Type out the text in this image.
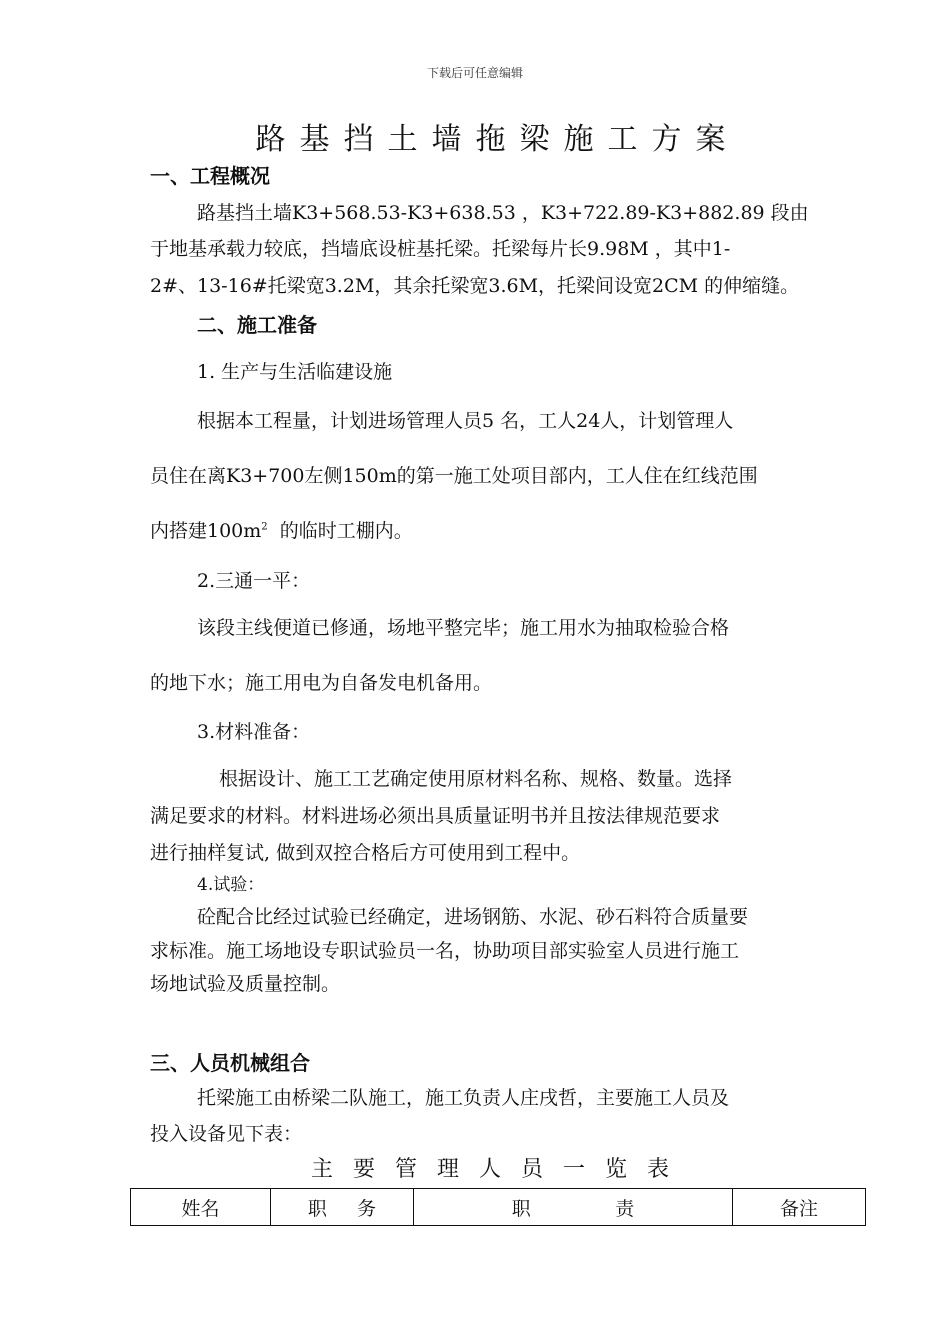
下载后可任意编辑
路基挡土墙拖梁施工方案
一、工程概况
路基挡土墙K3+568.53-K3+638.53 ，K3+722.89-K3+882.89 段由
于地基承载力较底，挡墙底设桩基托梁。托梁每片长9.98M ，其中1-
2#、13-16#托梁宽3.2M，其余托梁宽3.6M，托梁间设宽2CM 的伸缩缝。
二、施工准备
1. 生产与生活临建设施
根据本工程量，计划进场管理人员5 名，工人24人，计划管理人
员住在离K3+700左侧150m的第一施工处项目部内，工人住在红线范围
内搭建$100m^2$  的临时工棚内。
2.三通一平：
该段主线便道已修通，场地平整完毕；施工用水为抽取检验合格
的地下水；施工用电为自备发电机备用。
3.材料准备：
根据设计、施工工艺确定使用原材料名称、规格、数量。选择
满足要求的材料。材料进场必须出具质量证明书并且按法律规范要求
进行抽样复试, 做到双控合格后方可使用到工程中。
4.试验：
砼配合比经过试验已经确定，进场钢筋、水泥、砂石料符合质量要
求标准。施工场地设专职试验员一名，协助项目部实验室人员进行施工
场地试验及质量控制。
三、人员机械组合
托梁施工由桥梁二队施工，施工负责人庄戌哲，主要施工人员及
投入设备见下表：
主要管理人员一览表
姓名	职     务	职              责	备注
